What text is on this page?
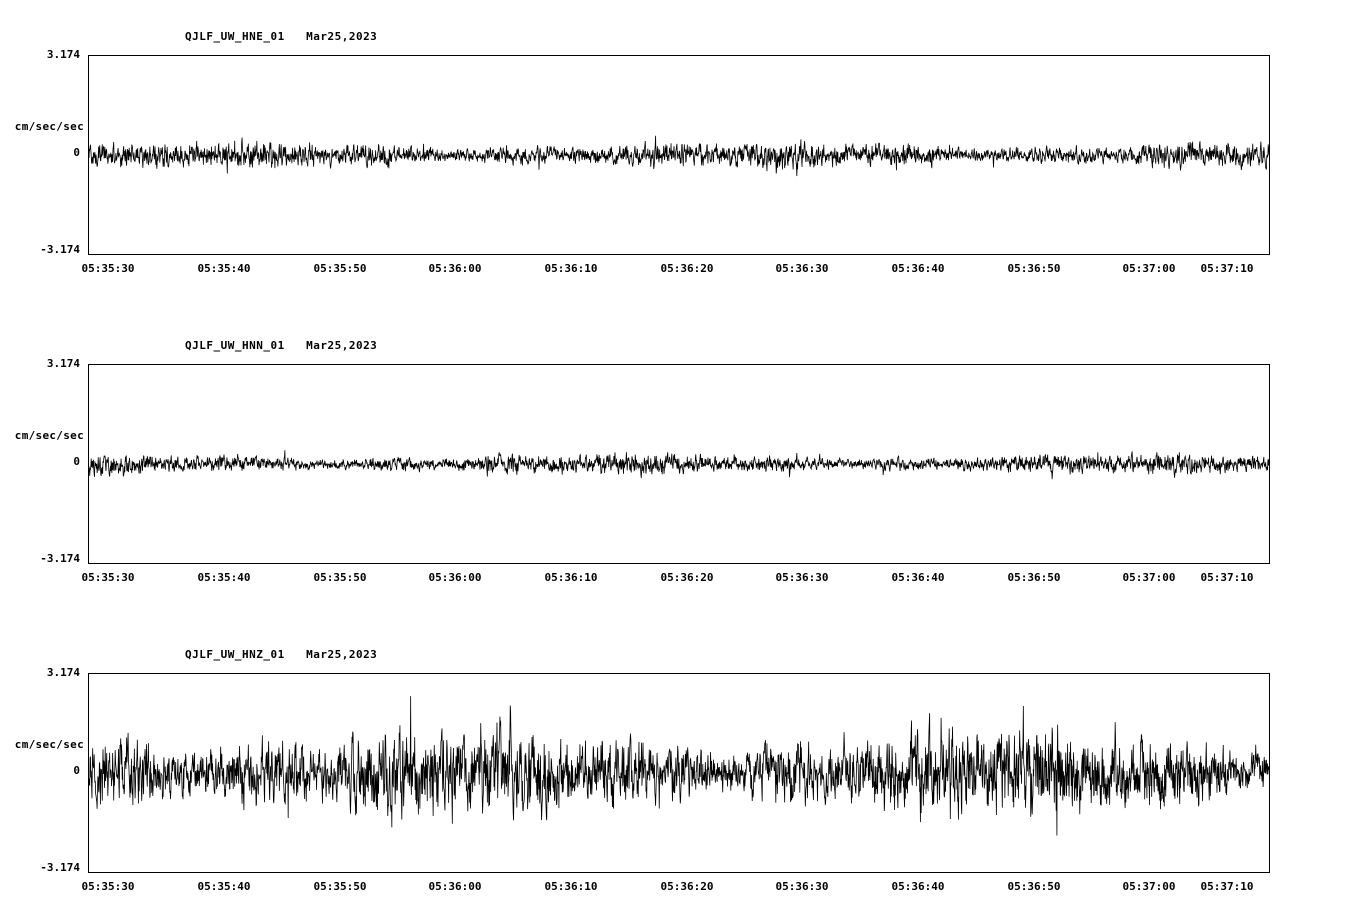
QJLF_UW_HNE_01   Mar25,2023
cm/sec/sec
3.174
0
-3.174
05:35:30	05:35:40	05:35:50	05:36:00	05:36:10	05:36:20	05:36:30	05:36:40	05:36:50	05:37:00	05:37:10
QJLF_UW_HNN_01   Mar25,2023
cm/sec/sec
3.174
0
-3.174
05:35:30	05:35:40	05:35:50	05:36:00	05:36:10	05:36:20	05:36:30	05:36:40	05:36:50	05:37:00	05:37:10
QJLF_UW_HNZ_01   Mar25,2023
cm/sec/sec
3.174
0
-3.174
05:35:30	05:35:40	05:35:50	05:36:00	05:36:10	05:36:20	05:36:30	05:36:40	05:36:50	05:37:00	05:37:10
